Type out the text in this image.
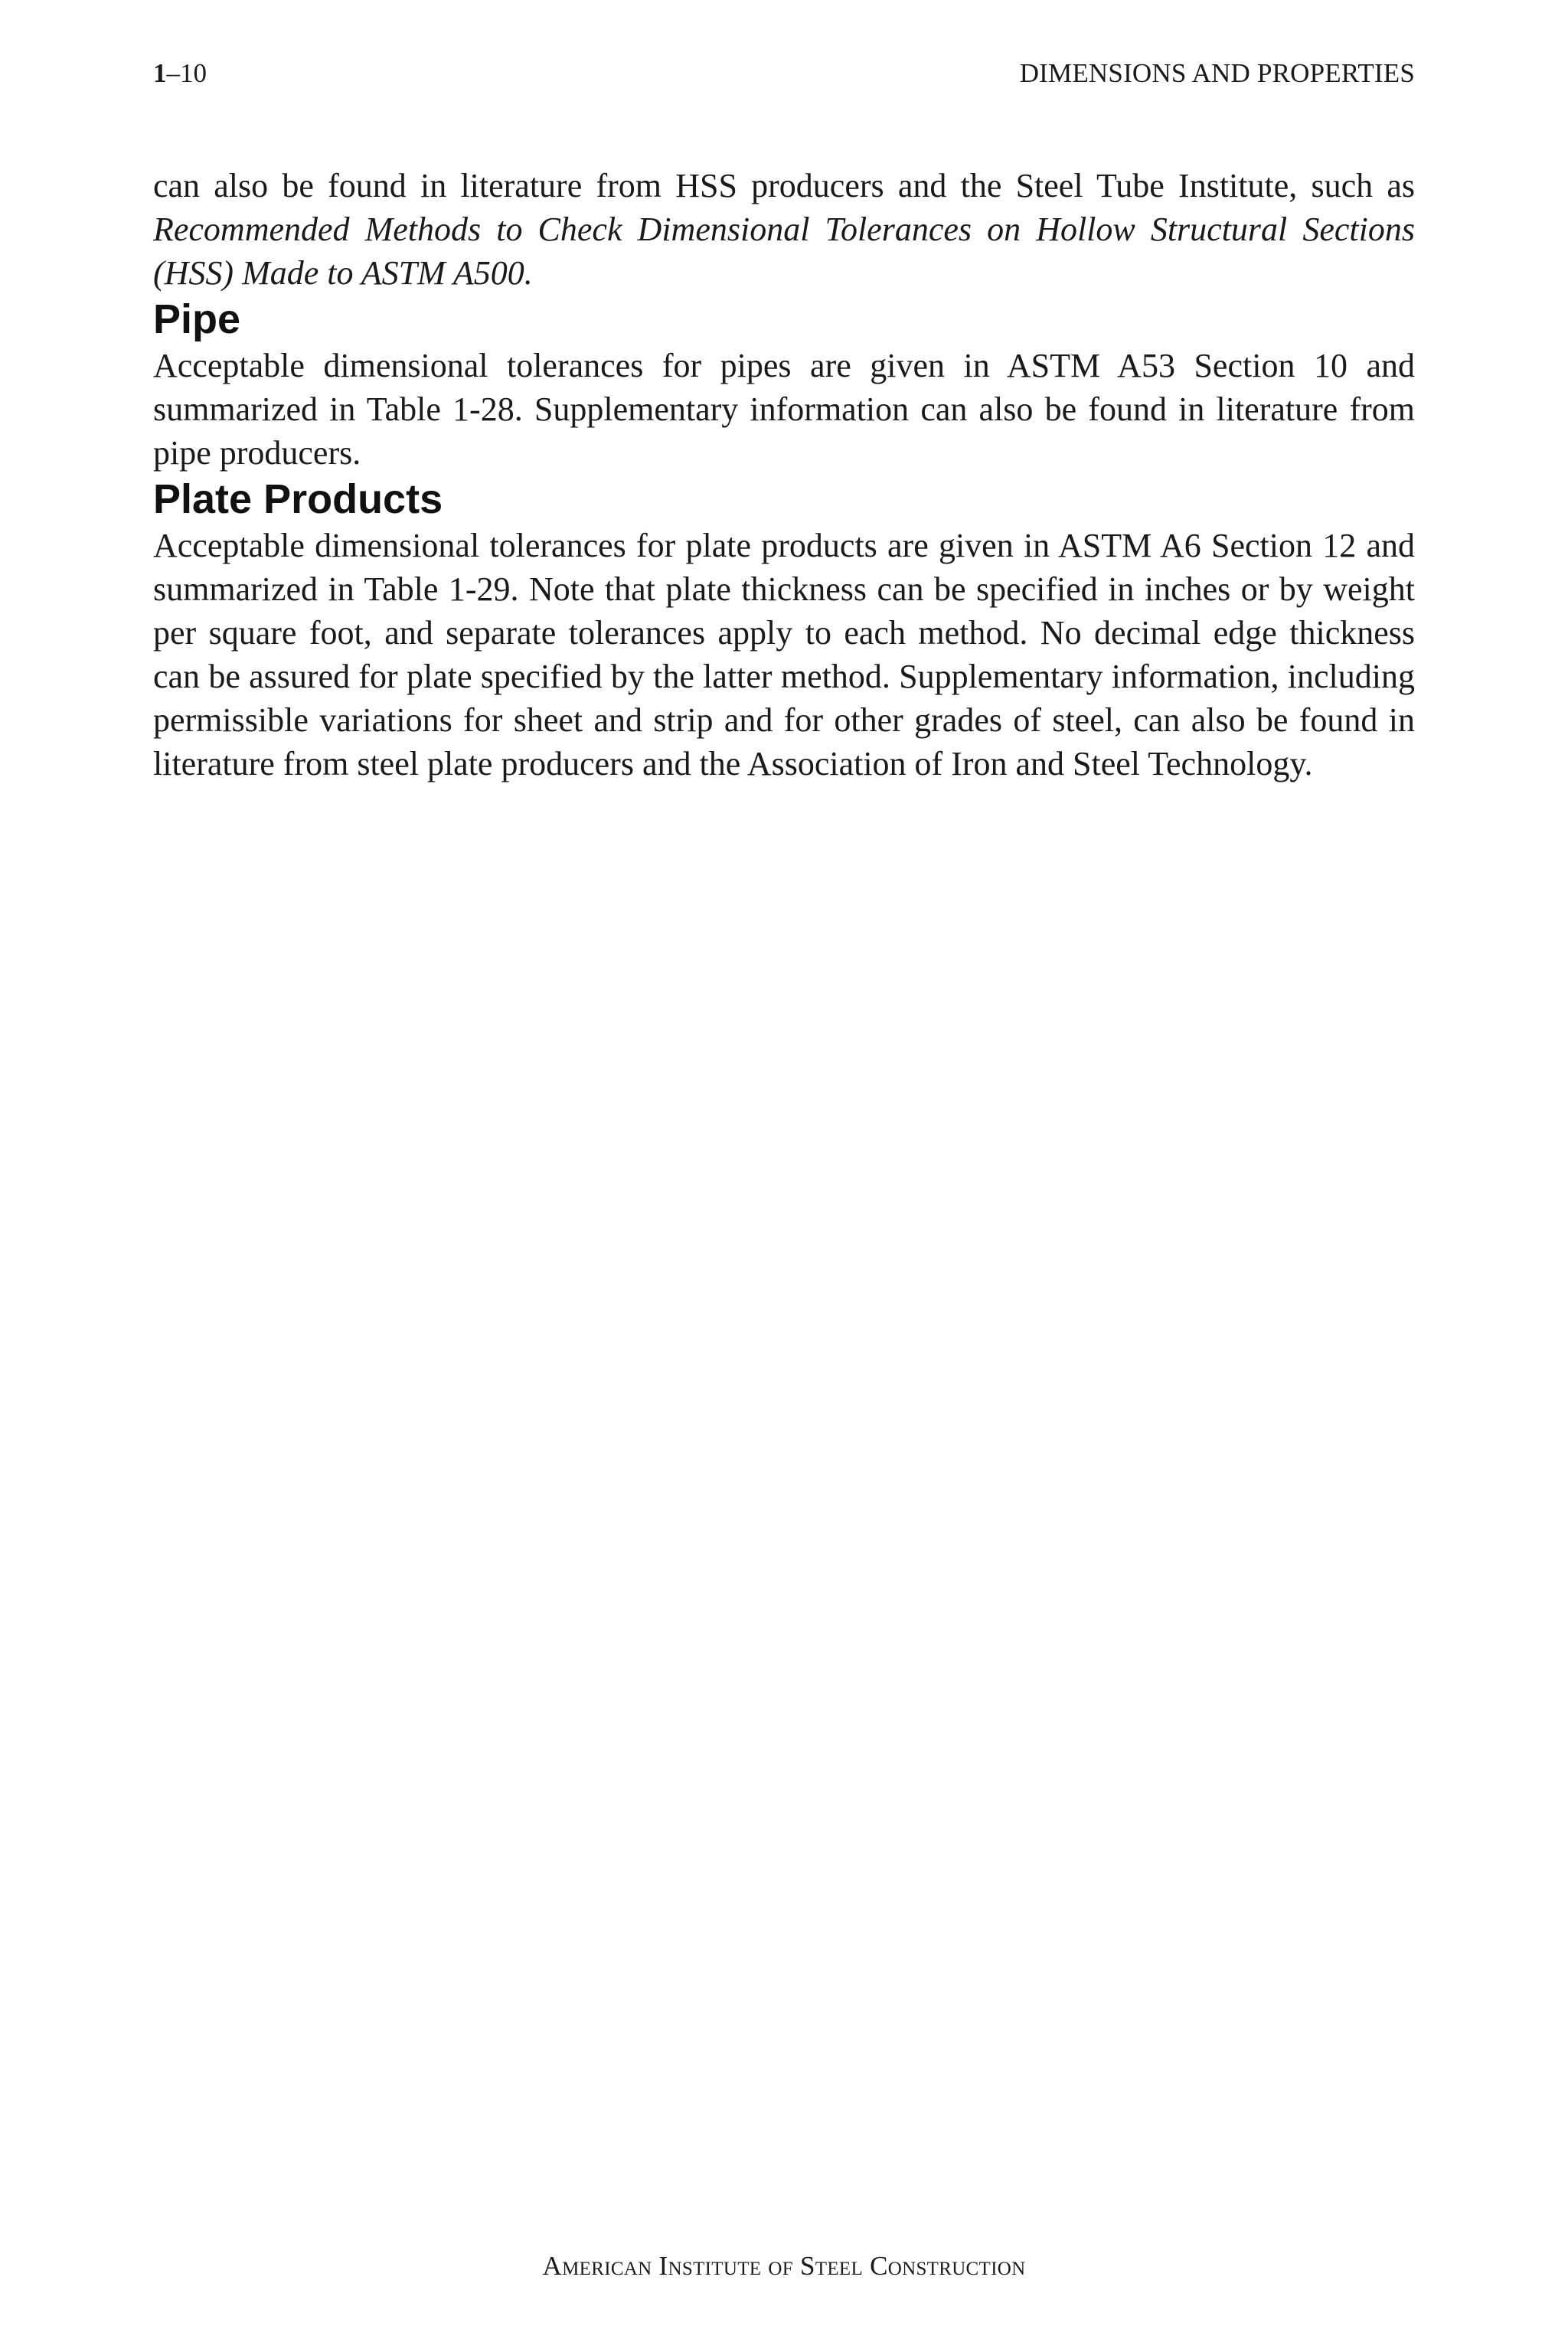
1–10	DIMENSIONS AND PROPERTIES

can also be found in literature from HSS producers and the Steel Tube Institute, such as Recommended Methods to Check Dimensional Tolerances on Hollow Structural Sections (HSS) Made to ASTM A500.

Pipe

Acceptable dimensional tolerances for pipes are given in ASTM A53 Section 10 and summarized in Table 1-28. Supplementary information can also be found in literature from pipe producers.

Plate Products

Acceptable dimensional tolerances for plate products are given in ASTM A6 Section 12 and summarized in Table 1-29. Note that plate thickness can be specified in inches or by weight per square foot, and separate tolerances apply to each method. No decimal edge thickness can be assured for plate specified by the latter method. Supplementary information, including permissible variations for sheet and strip and for other grades of steel, can also be found in literature from steel plate producers and the Association of Iron and Steel Technology.

American Institute of Steel Construction
